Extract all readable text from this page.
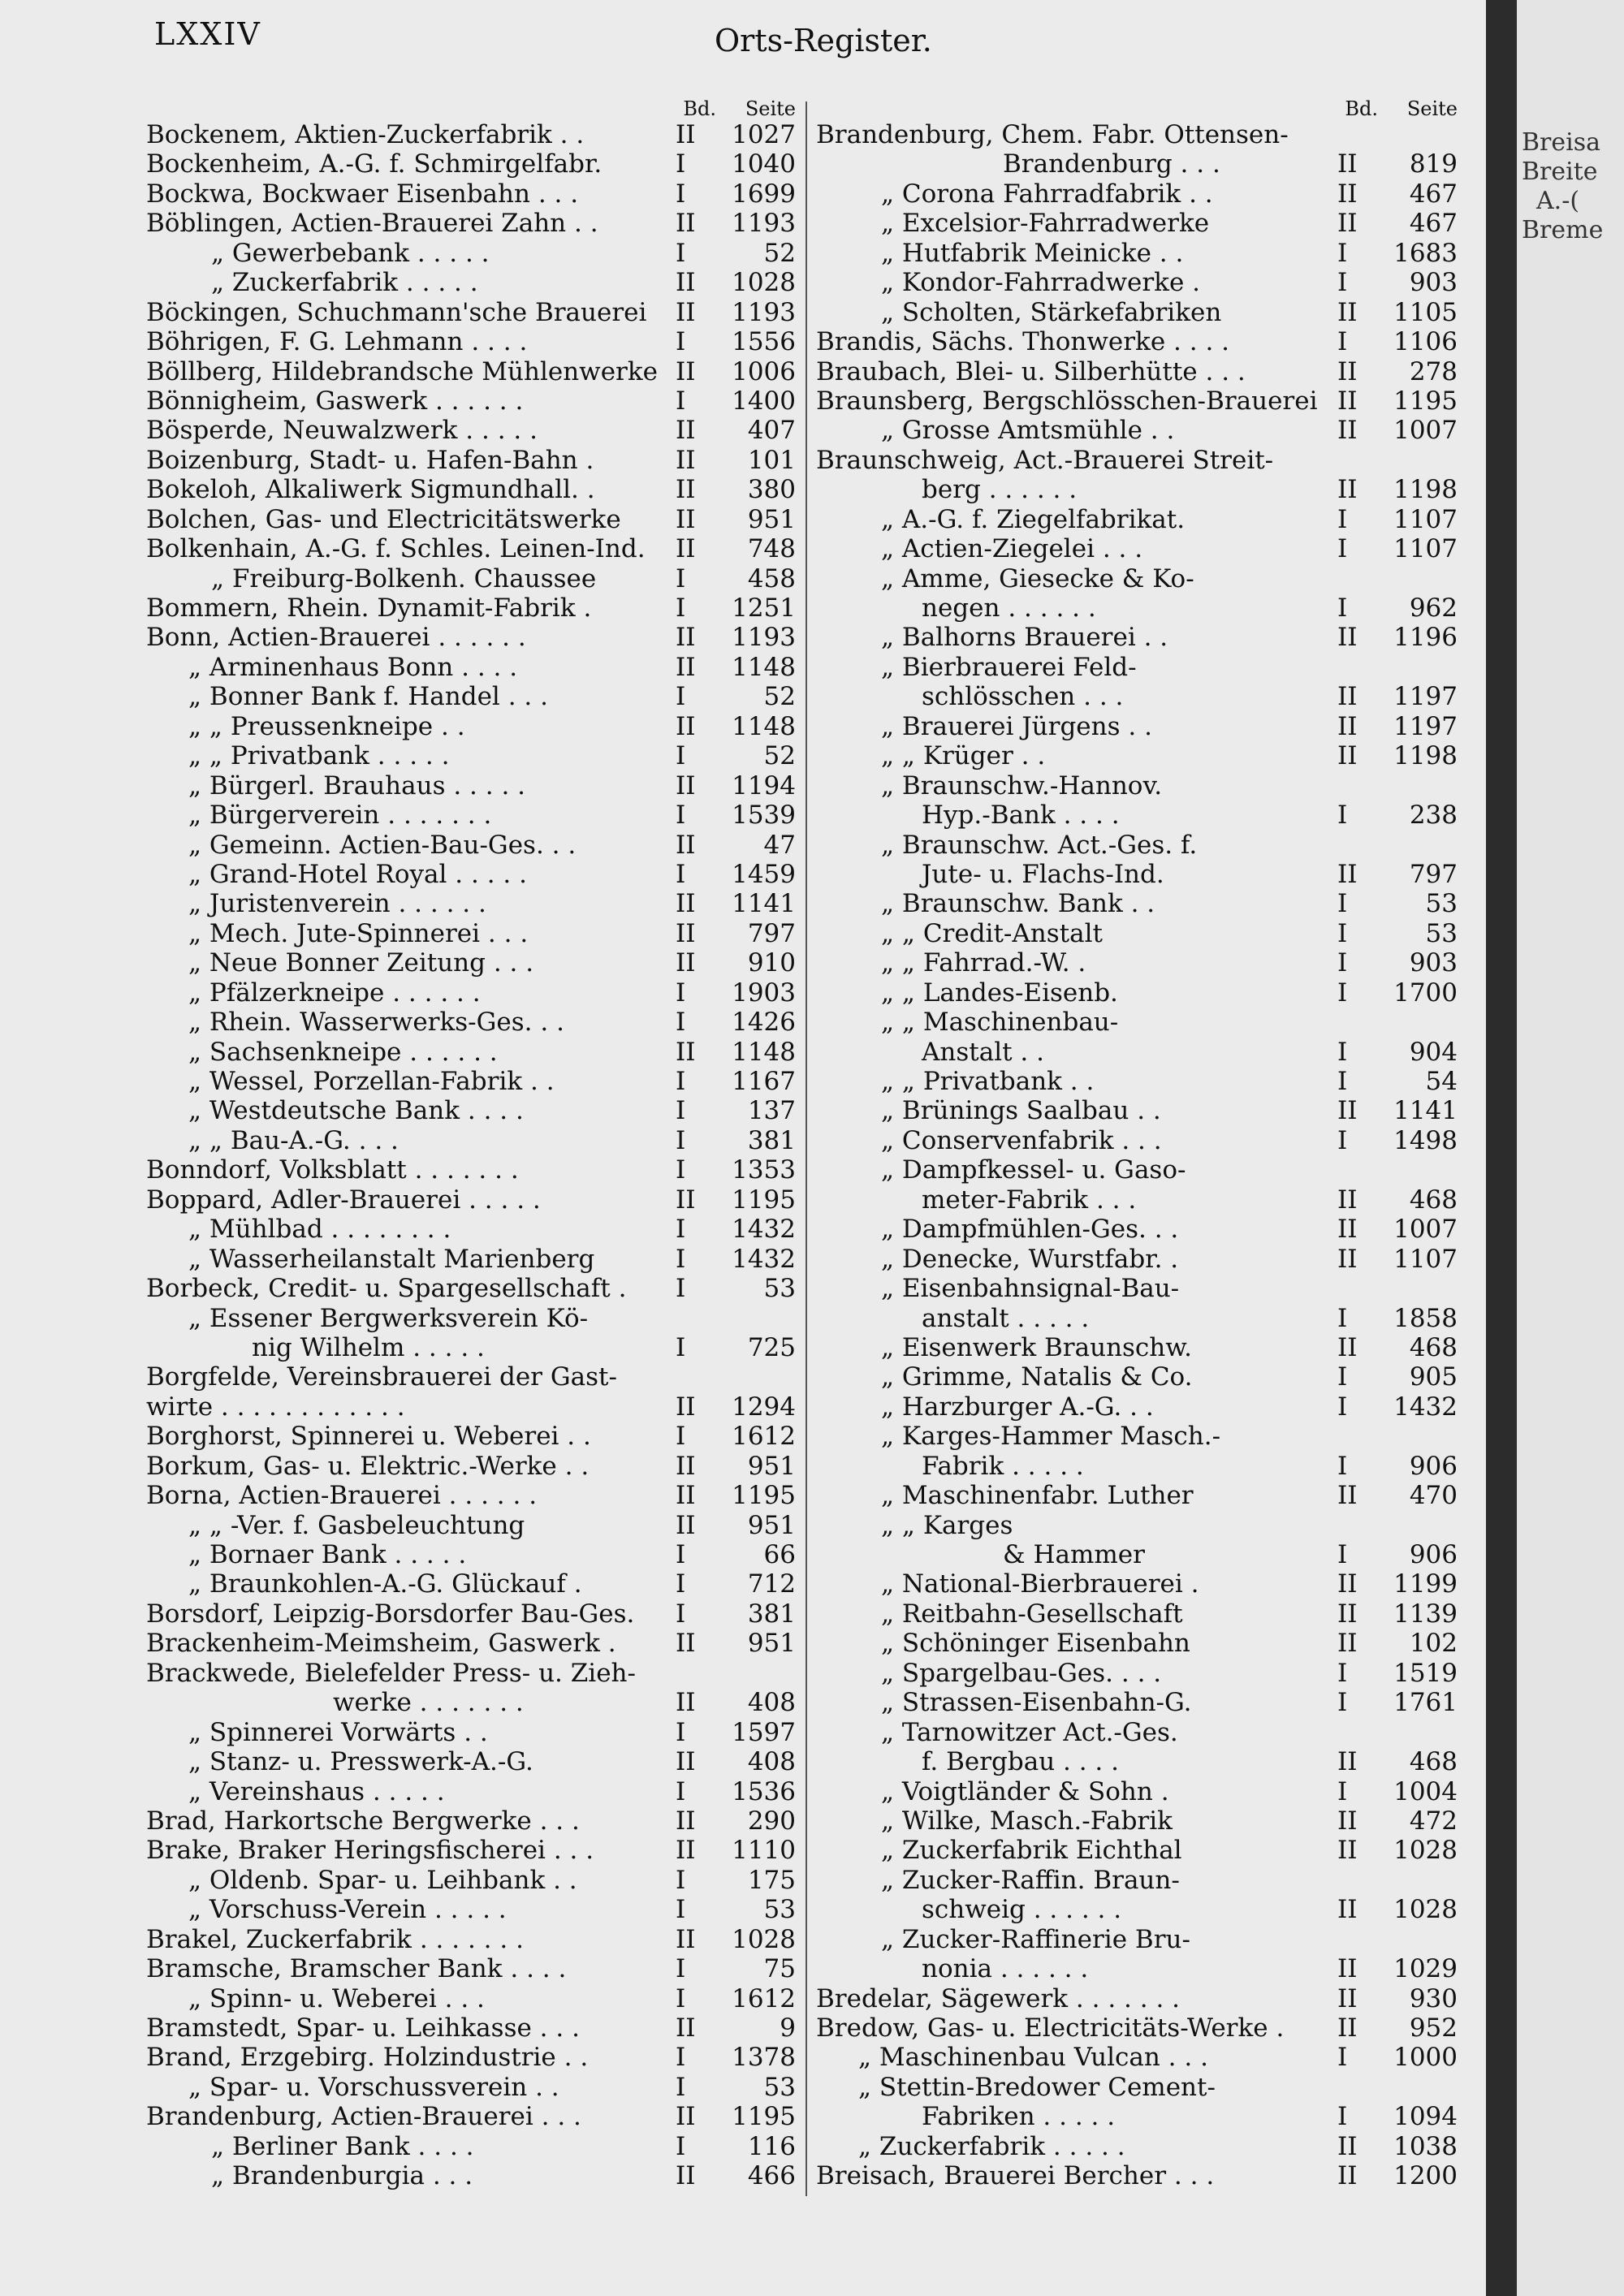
LXXIV	Orts-Register.
Bd. Seite
Bockenem, Aktien-Zuckerfabrik . .	II	1027
Bockenheim, A.-G. f. Schmirgelfabr.	I	1040
Bockwa, Bockwaer Eisenbahn . . .	I	1699
Böblingen, Actien-Brauerei Zahn . .	II	1193
„ Gewerbebank . . . . .	I	52
„ Zuckerfabrik . . . . .	II	1028
Böckingen, Schuchmann'sche Brauerei	II	1193
Böhrigen, F. G. Lehmann . . . .	I	1556
Böllberg, Hildebrandsche Mühlenwerke II	1006
Bönnigheim, Gaswerk . . . . . .	I	1400
Bösperde, Neuwalzwerk . . . . .	II	407
Boizenburg, Stadt- u. Hafen-Bahn .	II	101
Bokeloh, Alkaliwerk Sigmundhall. .	II	380
Bolchen, Gas- und Electricitätswerke	II	951
Bolkenhain, A.-G. f. Schles. Leinen-Ind.	II	748
„ Freiburg-Bolkenh. Chaussee	I	458
Bommern, Rhein. Dynamit-Fabrik .	I	1251
Bonn, Actien-Brauerei . . . . . .	II	1193
„ Arminenhaus Bonn . . . .	II	1148
„ Bonner Bank f. Handel . . .	I	52
„ „ Preussenkneipe . .	II	1148
„ „ Privatbank . . . . .	I	52
„ Bürgerl. Brauhaus . . . . .	II	1194
„ Bürgerverein . . . . . . .	I	1539
„ Gemeinn. Actien-Bau-Ges. . .	II	47
„ Grand-Hotel Royal . . . . .	I	1459
„ Juristenverein . . . . . .	II	1141
„ Mech. Jute-Spinnerei . . .	II	797
„ Neue Bonner Zeitung . . .	II	910
„ Pfälzerkneipe . . . . . .	I	1903
„ Rhein. Wasserwerks-Ges. . .	I	1426
„ Sachsenkneipe . . . . . .	II	1148
„ Wessel, Porzellan-Fabrik . .	I	1167
„ Westdeutsche Bank . . . .	I	137
„ „ Bau-A.-G. . . .	I	381
Bonndorf, Volksblatt . . . . . . .	I	1353
Boppard, Adler-Brauerei . . . . .	II	1195
„ Mühlbad . . . . . . . .	I	1432
„ Wasserheilanstalt Marienberg	I	1432
Borbeck, Credit- u. Spargesellschaft .	I	53
„ Essener Bergwerksverein Kö-
nig Wilhelm . . . . .	I	725
Borgfelde, Vereinsbrauerei der Gast-
wirte . . . . . . . . . . . .	II	1294
Borghorst, Spinnerei u. Weberei . .	I	1612
Borkum, Gas- u. Elektric.-Werke . .	II	951
Borna, Actien-Brauerei . . . . . .	II	1195
„ „ -Ver. f. Gasbeleuchtung	II	951
„ Bornaer Bank . . . . .	I	66
„ Braunkohlen-A.-G. Glückauf .	I	712
Borsdorf, Leipzig-Borsdorfer Bau-Ges.	I	381
Brackenheim-Meimsheim, Gaswerk .	II	951
Brackwede, Bielefelder Press- u. Zieh-
werke . . . . . . .	II	408
„ Spinnerei Vorwärts . .	I	1597
„ Stanz- u. Presswerk-A.-G.	II	408
„ Vereinshaus . . . . .	I	1536
Brad, Harkortsche Bergwerke . . .	II	290
Brake, Braker Heringsfischerei . . .	II	1110
„ Oldenb. Spar- u. Leihbank . .	I	175
„ Vorschuss-Verein . . . . .	I	53
Brakel, Zuckerfabrik . . . . . . .	II	1028
Bramsche, Bramscher Bank . . . .	I	75
„ Spinn- u. Weberei . . .	I	1612
Bramstedt, Spar- u. Leihkasse . . .	II	9
Brand, Erzgebirg. Holzindustrie . .	I	1378
„ Spar- u. Vorschussverein . .	I	53
Brandenburg, Actien-Brauerei . . .	II	1195
„ Berliner Bank . . . .	I	116
„ Brandenburgia . . .	II	466
Bd. Seite
Brandenburg, Chem. Fabr. Ottensen-
Brandenburg . . .	II	819
„ Corona Fahrradfabrik . .	II	467
„ Excelsior-Fahrradwerke	II	467
„ Hutfabrik Meinicke . .	I	1683
„ Kondor-Fahrradwerke .	I	903
„ Scholten, Stärkefabriken	II	1105
Brandis, Sächs. Thonwerke . . . .	I	1106
Braubach, Blei- u. Silberhütte . . .	II	278
Braunsberg, Bergschlösschen-Brauerei II	1195
„ Grosse Amtsmühle . .	II	1007
Braunschweig, Act.-Brauerei Streit-
berg . . . . . .	II	1198
„ A.-G. f. Ziegelfabrikat.	I	1107
„ Actien-Ziegelei . . .	I	1107
„ Amme, Giesecke & Ko-
negen . . . . . .	I	962
„ Balhorns Brauerei . .	II	1196
„ Bierbrauerei Feld-
schlösschen . . .	II	1197
„ Brauerei Jürgens . .	II	1197
„ „ Krüger . .	II	1198
„ Braunschw.-Hannov.
Hyp.-Bank . . . .	I	238
„ Braunschw. Act.-Ges. f.
Jute- u. Flachs-Ind.	II	797
„ Braunschw. Bank . .	I	53
„ „ Credit-Anstalt	I	53
„ „ Fahrrad.-W. .	I	903
„ „ Landes-Eisenb.	I	1700
„ „ Maschinenbau-
Anstalt . .	I	904
„ „ Privatbank . .	I	54
„ Brünings Saalbau . .	II	1141
„ Conservenfabrik . . .	I	1498
„ Dampfkessel- u. Gaso-
meter-Fabrik . . .	II	468
„ Dampfmühlen-Ges. . .	II	1007
„ Denecke, Wurstfabr. .	II	1107
„ Eisenbahnsignal-Bau-
anstalt . . . . .	I	1858
„ Eisenwerk Braunschw.	II	468
„ Grimme, Natalis & Co.	I	905
„ Harzburger A.-G. . .	I	1432
„ Karges-Hammer Masch.-
Fabrik . . . . .	I	906
„ Maschinenfabr. Luther	II	470
„ „ Karges
& Hammer	I	906
„ National-Bierbrauerei .	II	1199
„ Reitbahn-Gesellschaft	II	1139
„ Schöninger Eisenbahn	II	102
„ Spargelbau-Ges. . . .	I	1519
„ Strassen-Eisenbahn-G.	I	1761
„ Tarnowitzer Act.-Ges.
f. Bergbau . . . .	II	468
„ Voigtländer & Sohn .	I	1004
„ Wilke, Masch.-Fabrik	II	472
„ Zuckerfabrik Eichthal	II	1028
„ Zucker-Raffin. Braun-
schweig . . . . . .	II	1028
„ Zucker-Raffinerie Bru-
nonia . . . . . .	II	1029
Bredelar, Sägewerk . . . . . . .	II	930
Bredow, Gas- u. Electricitäts-Werke .	II	952
„ Maschinenbau Vulcan . . .	I	1000
„ Stettin-Bredower Cement-
Fabriken . . . . .	I	1094
„ Zuckerfabrik . . . . .	II	1038
Breisach, Brauerei Bercher . . .	II	1200
Breisa
Breite
A.-(
Breme
